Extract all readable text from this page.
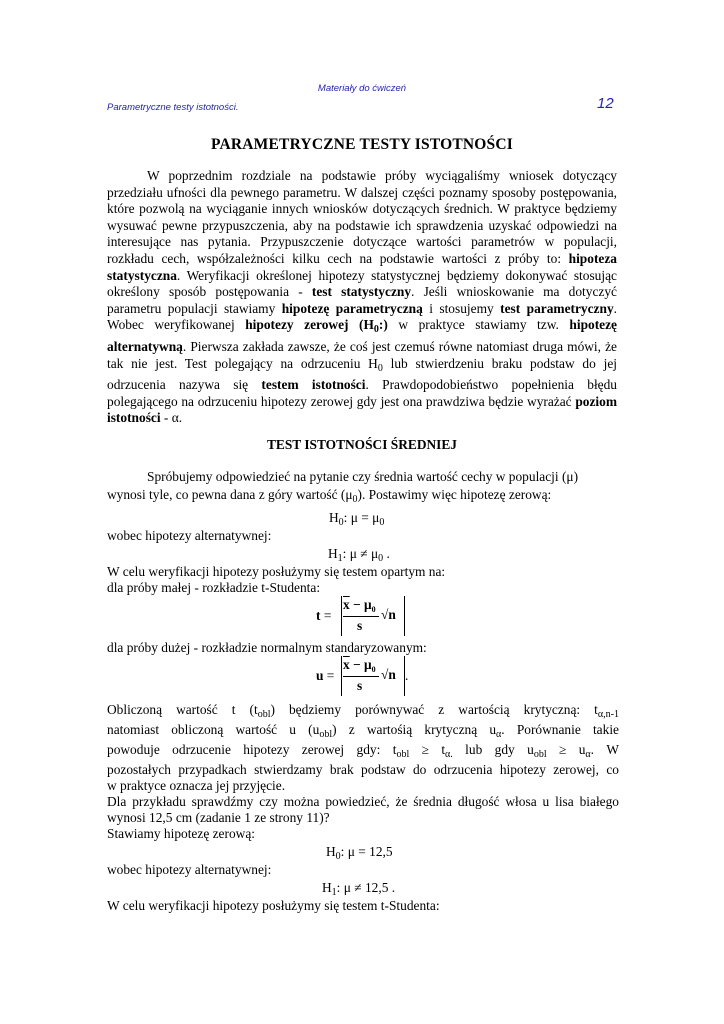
Materiały do ćwiczeń
Parametryczne testy istotności.	12
PARAMETRYCZNE TESTY ISTOTNOŚCI
W poprzednim rozdziale na podstawie próby wyciągaliśmy wniosek dotyczący przedziału ufności dla pewnego parametru. W dalszej części poznamy sposoby postępowania, które pozwolą na wyciąganie innych wniosków dotyczących średnich. W praktyce będziemy wysuwać pewne przypuszczenia, aby na podstawie ich sprawdzenia uzyskać odpowiedzi na interesujące nas pytania. Przypuszczenie dotyczące wartości parametrów w populacji, rozkładu cech, współzależności kilku cech na podstawie wartości z próby to: hipoteza statystyczna. Weryfikacji określonej hipotezy statystycznej będziemy dokonywać stosując określony sposób postępowania - test statystyczny. Jeśli wnioskowanie ma dotyczyć parametru populacji stawiamy hipotezę parametryczną i stosujemy test parametryczny. Wobec weryfikowanej hipotezy zerowej $(H_0:)$ w praktyce stawiamy tzw. hipotezę alternatywną. Pierwsza zakłada zawsze, że coś jest czemuś równe natomiast druga mówi, że tak nie jest. Test polegający na odrzuceniu $H_0$ lub stwierdzeniu braku podstaw do jej odrzucenia nazywa się testem istotności. Prawdopodobieństwo popełnienia błędu polegającego na odrzuceniu hipotezy zerowej gdy jest ona prawdziwa będzie wyrażać poziom istotności - α.
TEST ISTOTNOŚCI ŚREDNIEJ
Spróbujemy odpowiedzieć na pytanie czy średnia wartość cechy w populacji (μ)
wynosi tyle, co pewna dana z góry wartość $(\mu_0)$. Postawimy więc hipotezę zerową:
$H_0$: $\mu = \mu_0$
wobec hipotezy alternatywnej:
$H_1$: $\mu \ne \mu_0$ .
W celu weryfikacji hipotezy posłużymy się testem opartym na:
dla próby małej - rozkładzie t-Studenta:
t =
$\overline{x} - \mu_0$
s
√n
dla próby dużej - rozkładzie normalnym standaryzowanym:
u =
$\overline{x} - \mu_0$
s
√n .
Obliczoną wartość t $(t_{obl})$ będziemy porównywać z wartością krytyczną: $t_{\alpha,n-1}$
natomiast obliczoną wartość u $(u_{obl})$ z wartośią krytyczną $u_\alpha$. Porównanie takie
powoduje odrzucenie hipotezy zerowej gdy: $t_{obl} \ge t_{\alpha.}$ lub gdy $u_{obl} \ge u_\alpha$. W
pozostałych przypadkach stwierdzamy brak podstaw do odrzucenia hipotezy zerowej, co
w praktyce oznacza jej przyjęcie.
Dla przykładu sprawdźmy czy można powiedzieć, że średnia długość włosa u lisa białego
wynosi 12,5 cm (zadanie 1 ze strony 11)?
Stawiamy hipotezę zerową:
$H_0$: μ = 12,5
wobec hipotezy alternatywnej:
$H_1$: μ ≠ 12,5 .
W celu weryfikacji hipotezy posłużymy się testem t-Studenta:
